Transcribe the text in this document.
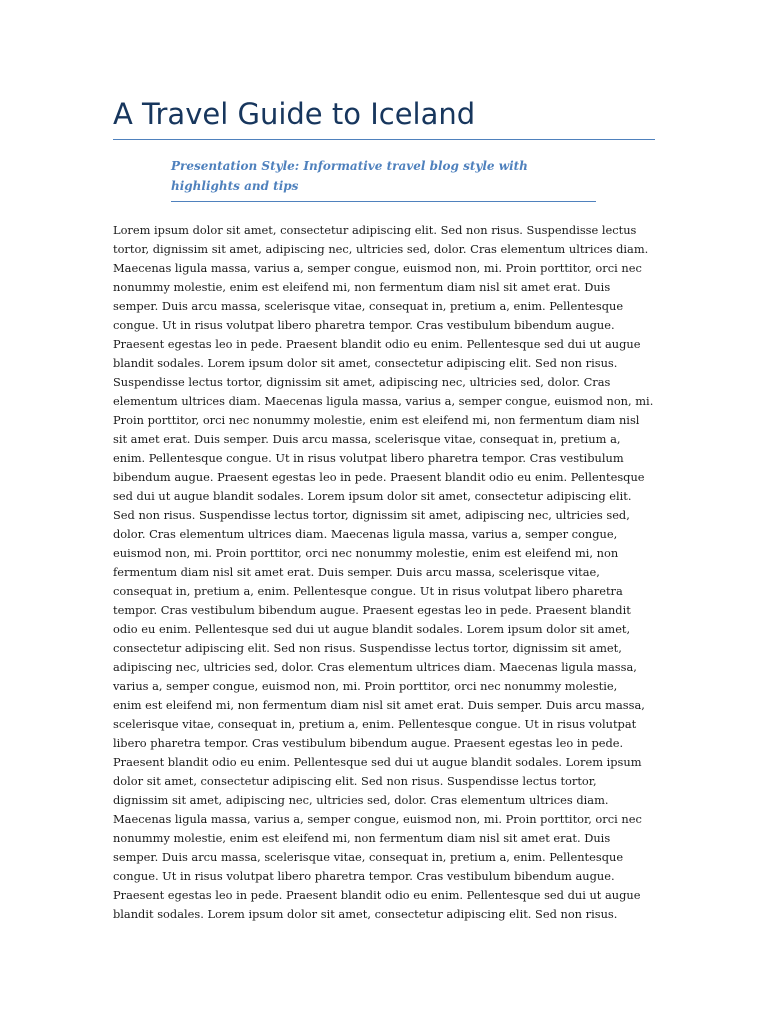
A Travel Guide to Iceland

Presentation Style: Informative travel blog style with highlights and tips

Lorem ipsum dolor sit amet, consectetur adipiscing elit. Sed non risus. Suspendisse lectus
tortor, dignissim sit amet, adipiscing nec, ultricies sed, dolor. Cras elementum ultrices diam.
Maecenas ligula massa, varius a, semper congue, euismod non, mi. Proin porttitor, orci nec
nonummy molestie, enim est eleifend mi, non fermentum diam nisl sit amet erat. Duis
semper. Duis arcu massa, scelerisque vitae, consequat in, pretium a, enim. Pellentesque
congue. Ut in risus volutpat libero pharetra tempor. Cras vestibulum bibendum augue.
Praesent egestas leo in pede. Praesent blandit odio eu enim. Pellentesque sed dui ut augue
blandit sodales. Lorem ipsum dolor sit amet, consectetur adipiscing elit. Sed non risus.
Suspendisse lectus tortor, dignissim sit amet, adipiscing nec, ultricies sed, dolor. Cras
elementum ultrices diam. Maecenas ligula massa, varius a, semper congue, euismod non, mi.
Proin porttitor, orci nec nonummy molestie, enim est eleifend mi, non fermentum diam nisl
sit amet erat. Duis semper. Duis arcu massa, scelerisque vitae, consequat in, pretium a,
enim. Pellentesque congue. Ut in risus volutpat libero pharetra tempor. Cras vestibulum
bibendum augue. Praesent egestas leo in pede. Praesent blandit odio eu enim. Pellentesque
sed dui ut augue blandit sodales. Lorem ipsum dolor sit amet, consectetur adipiscing elit.
Sed non risus. Suspendisse lectus tortor, dignissim sit amet, adipiscing nec, ultricies sed,
dolor. Cras elementum ultrices diam. Maecenas ligula massa, varius a, semper congue,
euismod non, mi. Proin porttitor, orci nec nonummy molestie, enim est eleifend mi, non
fermentum diam nisl sit amet erat. Duis semper. Duis arcu massa, scelerisque vitae,
consequat in, pretium a, enim. Pellentesque congue. Ut in risus volutpat libero pharetra
tempor. Cras vestibulum bibendum augue. Praesent egestas leo in pede. Praesent blandit
odio eu enim. Pellentesque sed dui ut augue blandit sodales. Lorem ipsum dolor sit amet,
consectetur adipiscing elit. Sed non risus. Suspendisse lectus tortor, dignissim sit amet,
adipiscing nec, ultricies sed, dolor. Cras elementum ultrices diam. Maecenas ligula massa,
varius a, semper congue, euismod non, mi. Proin porttitor, orci nec nonummy molestie,
enim est eleifend mi, non fermentum diam nisl sit amet erat. Duis semper. Duis arcu massa,
scelerisque vitae, consequat in, pretium a, enim. Pellentesque congue. Ut in risus volutpat
libero pharetra tempor. Cras vestibulum bibendum augue. Praesent egestas leo in pede.
Praesent blandit odio eu enim. Pellentesque sed dui ut augue blandit sodales. Lorem ipsum
dolor sit amet, consectetur adipiscing elit. Sed non risus. Suspendisse lectus tortor,
dignissim sit amet, adipiscing nec, ultricies sed, dolor. Cras elementum ultrices diam.
Maecenas ligula massa, varius a, semper congue, euismod non, mi. Proin porttitor, orci nec
nonummy molestie, enim est eleifend mi, non fermentum diam nisl sit amet erat. Duis
semper. Duis arcu massa, scelerisque vitae, consequat in, pretium a, enim. Pellentesque
congue. Ut in risus volutpat libero pharetra tempor. Cras vestibulum bibendum augue.
Praesent egestas leo in pede. Praesent blandit odio eu enim. Pellentesque sed dui ut augue
blandit sodales. Lorem ipsum dolor sit amet, consectetur adipiscing elit. Sed non risus.
